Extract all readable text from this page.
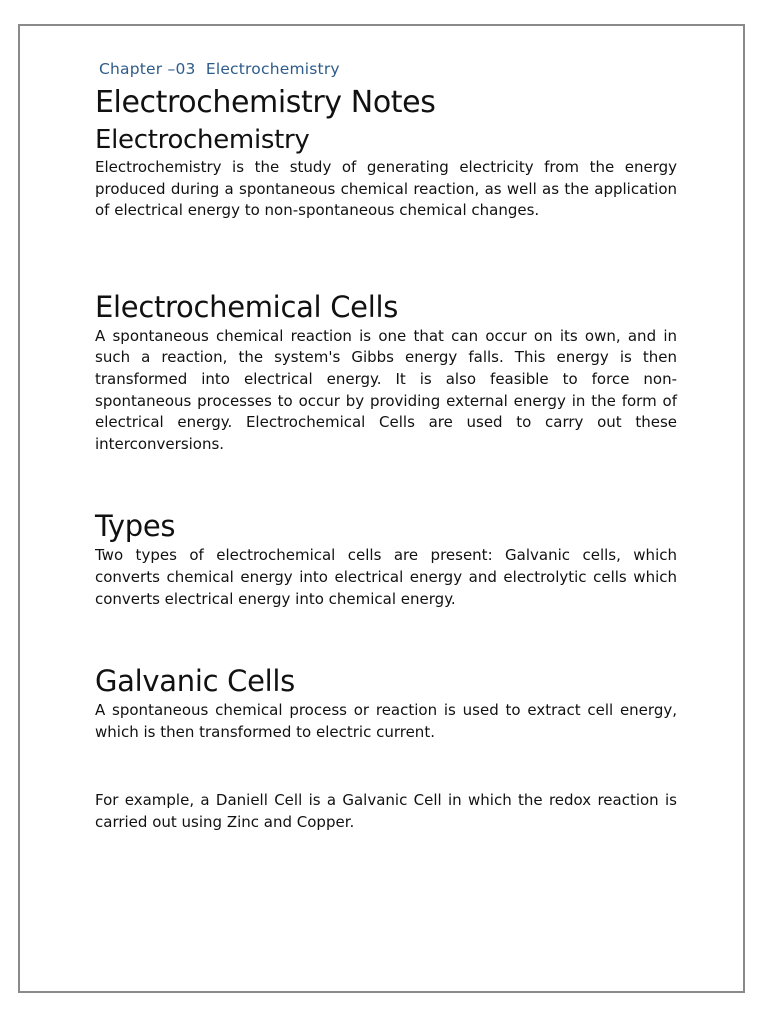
Chapter –03  Electrochemistry
Electrochemistry Notes
Electrochemistry

Electrochemistry is the study of generating electricity from the energy produced during a spontaneous chemical reaction, as well as the application of electrical energy to non-spontaneous chemical changes.

Electrochemical Cells

A spontaneous chemical reaction is one that can occur on its own, and in such a reaction, the system's Gibbs energy falls. This energy is then transformed into electrical energy. It is also feasible to force non-spontaneous processes to occur by providing external energy in the form of electrical energy. Electrochemical Cells are used to carry out these interconversions.

Types

Two types of electrochemical cells are present: Galvanic cells, which converts chemical energy into electrical energy and electrolytic cells which converts electrical energy into chemical energy.

Galvanic Cells

A spontaneous chemical process or reaction is used to extract cell energy, which is then transformed to electric current.

For example, a Daniell Cell is a Galvanic Cell in which the redox reaction is carried out using Zinc and Copper.
